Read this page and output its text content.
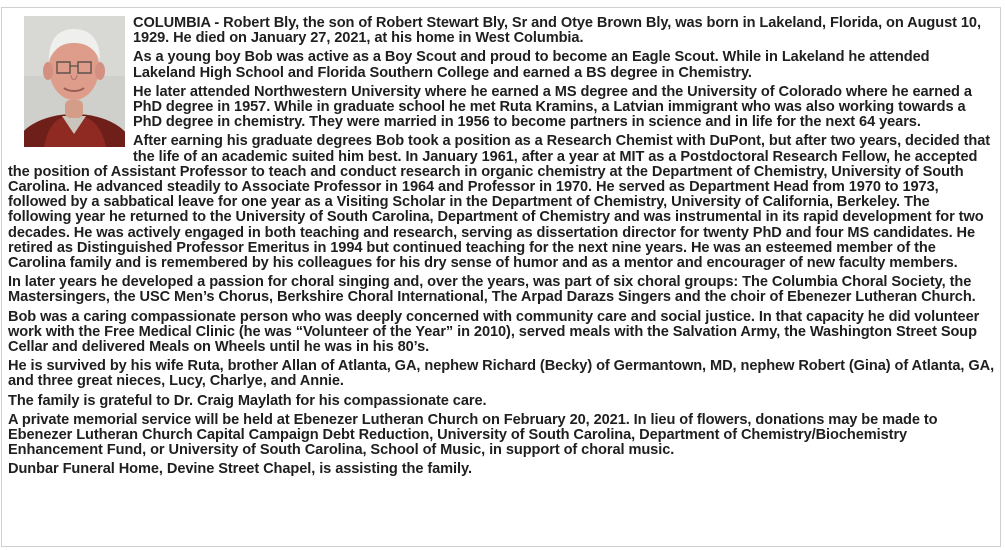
COLUMBIA - Robert Bly, the son of Robert Stewart Bly, Sr and Otye Brown Bly, was born in Lakeland, Florida, on August 10, 1929. He died on January 27, 2021, at his home in West Columbia.

As a young boy Bob was active as a Boy Scout and proud to become an Eagle Scout. While in Lakeland he attended Lakeland High School and Florida Southern College and earned a BS degree in Chemistry.

He later attended Northwestern University where he earned a MS degree and the University of Colorado where he earned a PhD degree in 1957. While in graduate school he met Ruta Kramins, a Latvian immigrant who was also working towards a PhD degree in chemistry. They were married in 1956 to become partners in science and in life for the next 64 years.

After earning his graduate degrees Bob took a position as a Research Chemist with DuPont, but after two years, decided that the life of an academic suited him best. In January 1961, after a year at MIT as a Postdoctoral Research Fellow, he accepted the position of Assistant Professor to teach and conduct research in organic chemistry at the Department of Chemistry, University of South Carolina. He advanced steadily to Associate Professor in 1964 and Professor in 1970. He served as Department Head from 1970 to 1973, followed by a sabbatical leave for one year as a Visiting Scholar in the Department of Chemistry, University of California, Berkeley. The following year he returned to the University of South Carolina, Department of Chemistry and was instrumental in its rapid development for two decades. He was actively engaged in both teaching and research, serving as dissertation director for twenty PhD and four MS candidates. He retired as Distinguished Professor Emeritus in 1994 but continued teaching for the next nine years. He was an esteemed member of the Carolina family and is remembered by his colleagues for his dry sense of humor and as a mentor and encourager of new faculty members.

In later years he developed a passion for choral singing and, over the years, was part of six choral groups: The Columbia Choral Society, the Mastersingers, the USC Men’s Chorus, Berkshire Choral International, The Arpad Darazs Singers and the choir of Ebenezer Lutheran Church.

Bob was a caring compassionate person who was deeply concerned with community care and social justice. In that capacity he did volunteer work with the Free Medical Clinic (he was “Volunteer of the Year” in 2010), served meals with the Salvation Army, the Washington Street Soup Cellar and delivered Meals on Wheels until he was in his 80’s.

He is survived by his wife Ruta, brother Allan of Atlanta, GA, nephew Richard (Becky) of Germantown, MD, nephew Robert (Gina) of Atlanta, GA, and three great nieces, Lucy, Charlye, and Annie.

The family is grateful to Dr. Craig Maylath for his compassionate care.

A private memorial service will be held at Ebenezer Lutheran Church on February 20, 2021. In lieu of flowers, donations may be made to Ebenezer Lutheran Church Capital Campaign Debt Reduction, University of South Carolina, Department of Chemistry/Biochemistry Enhancement Fund, or University of South Carolina, School of Music, in support of choral music.

Dunbar Funeral Home, Devine Street Chapel, is assisting the family.
